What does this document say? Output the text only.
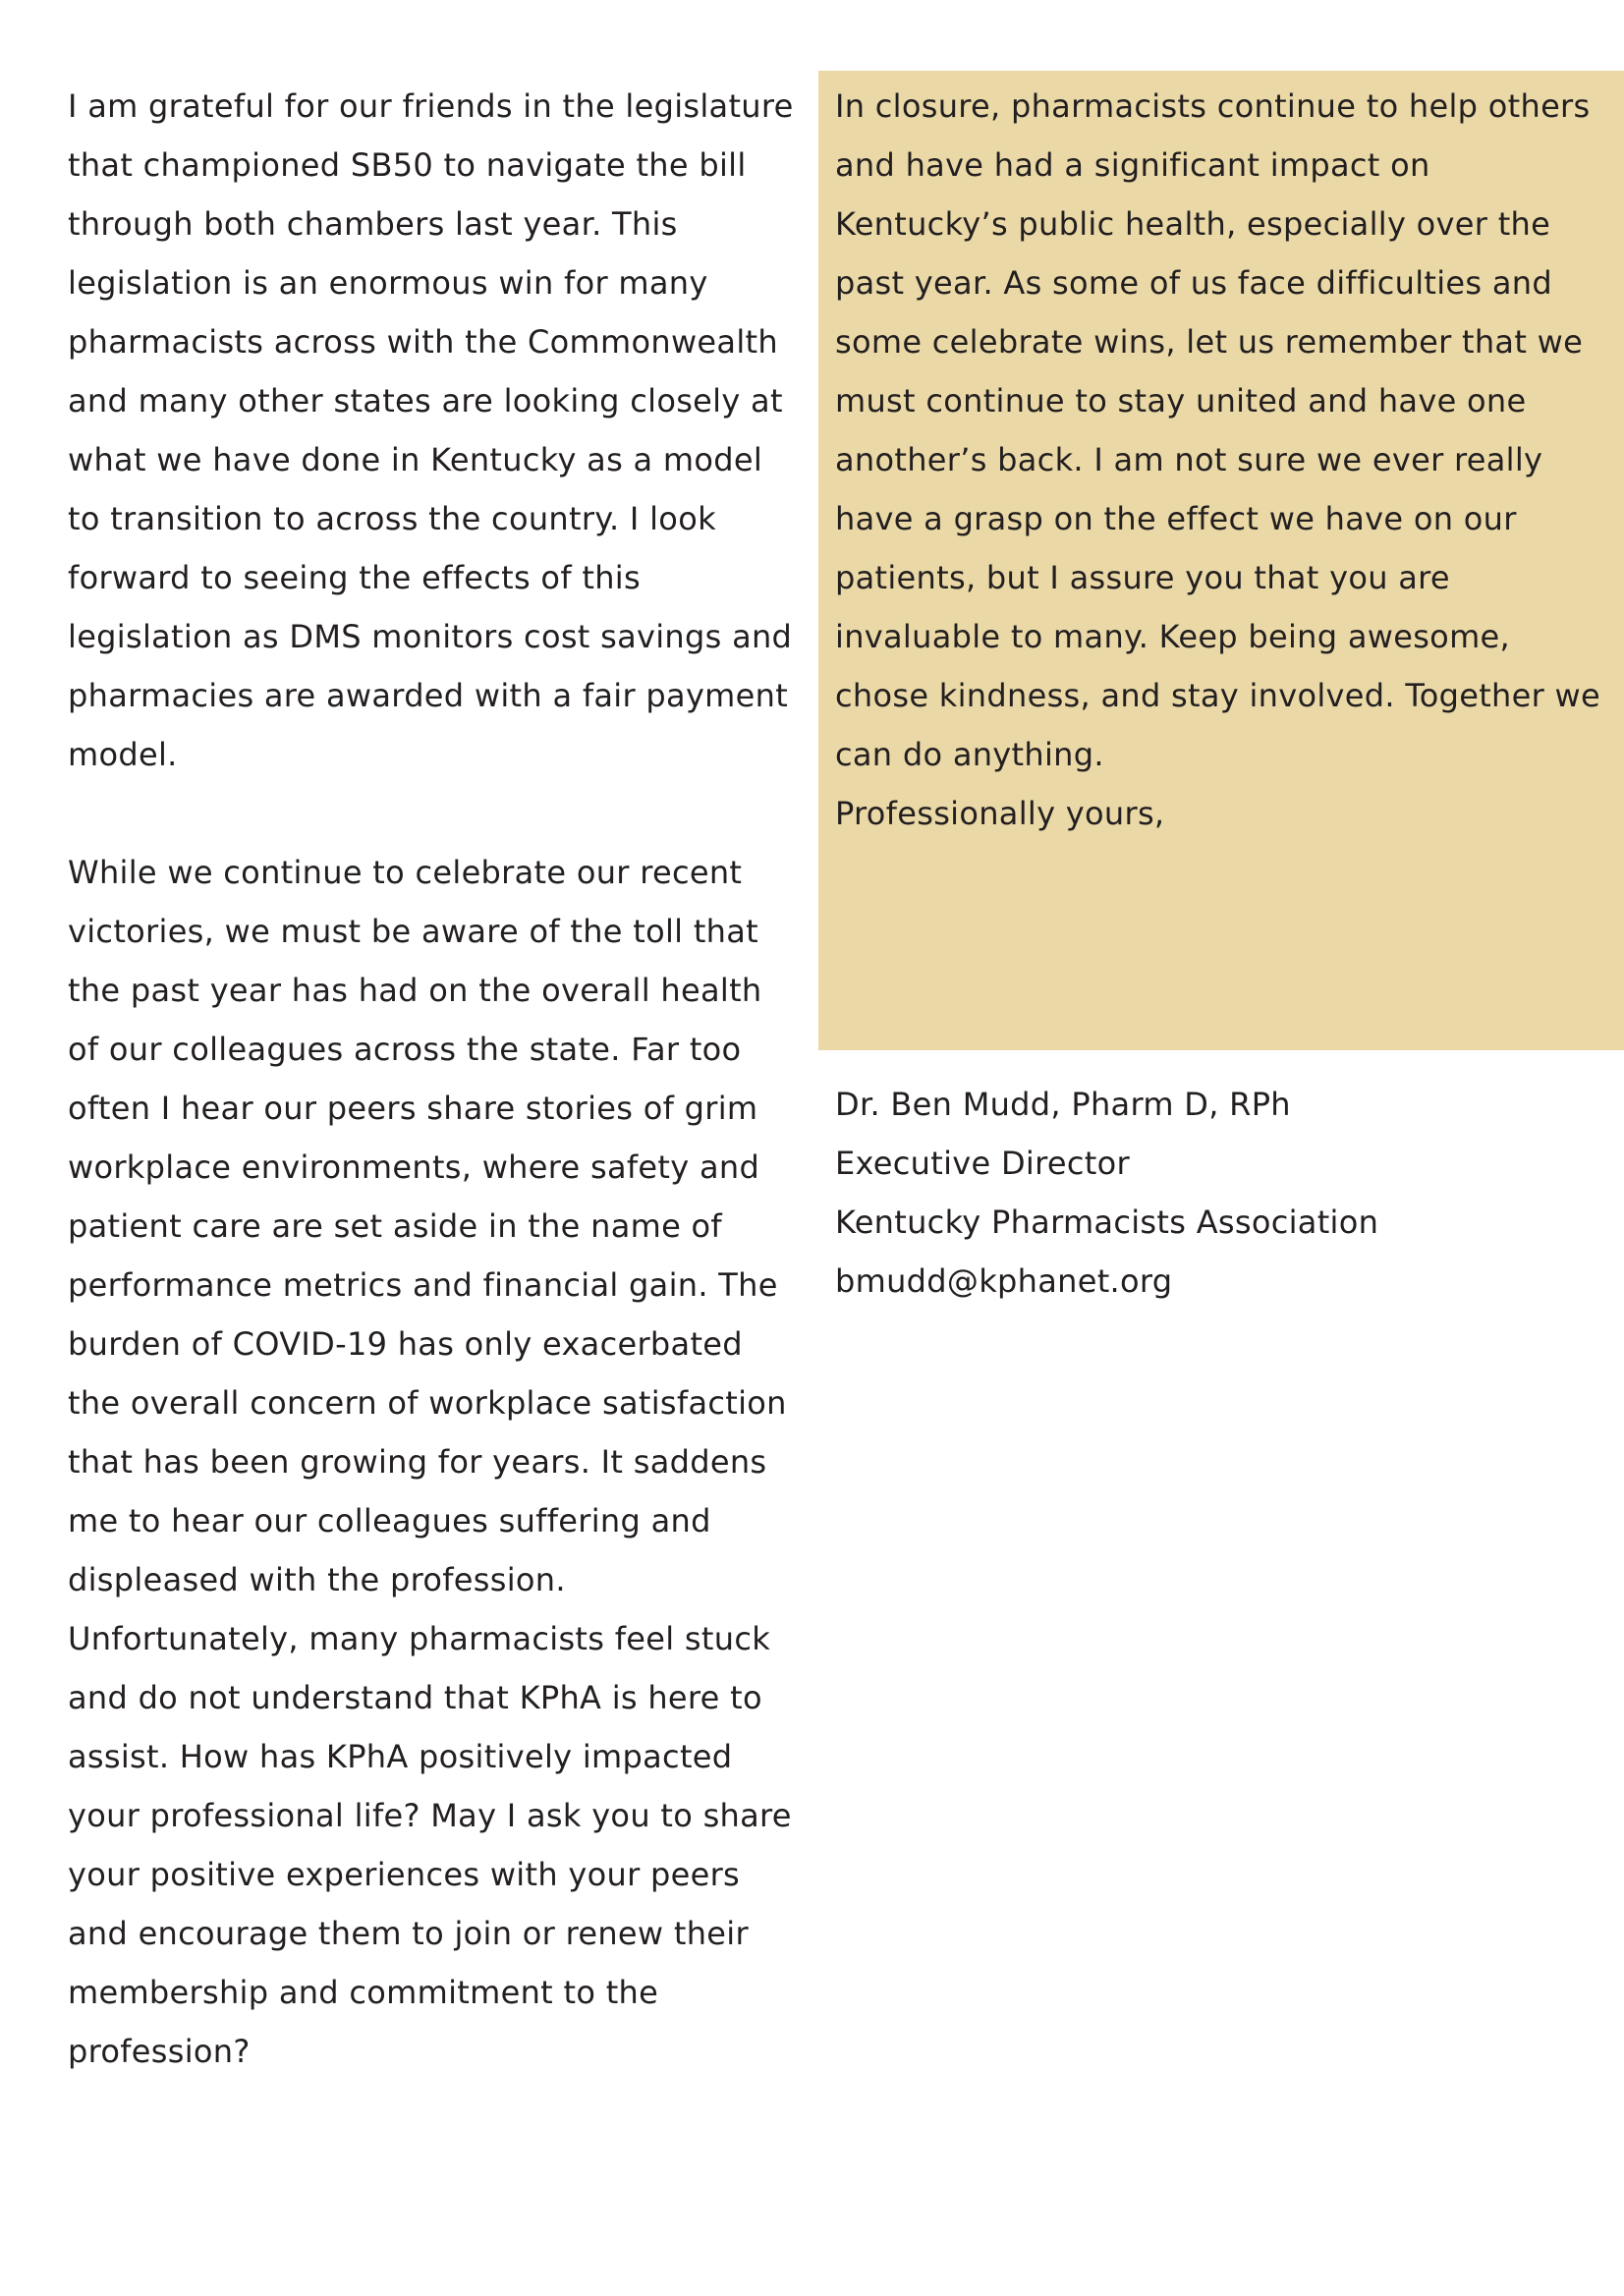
I am grateful for our friends in the legislature that championed SB50 to navigate the bill through both chambers last year. This legislation is an enormous win for many pharmacists across with the Commonwealth and many other states are looking closely at what we have done in Kentucky as a model to transition to across the country. I look forward to seeing the effects of this legislation as DMS monitors cost savings and pharmacies are awarded with a fair payment model.

While we continue to celebrate our recent victories, we must be aware of the toll that the past year has had on the overall health of our colleagues across the state. Far too often I hear our peers share stories of grim workplace environments, where safety and patient care are set aside in the name of performance metrics and financial gain. The burden of COVID-19 has only exacerbated the overall concern of workplace satisfaction that has been growing for years. It saddens me to hear our colleagues suffering and displeased with the profession. Unfortunately, many pharmacists feel stuck and do not understand that KPhA is here to assist. How has KPhA positively impacted your professional life? May I ask you to share your positive experiences with your peers and encourage them to join or renew their membership and commitment to the profession?

In closure, pharmacists continue to help others and have had a significant impact on Kentucky’s public health, especially over the past year. As some of us face difficulties and some celebrate wins, let us remember that we must continue to stay united and have one another’s back. I am not sure we ever really have a grasp on the effect we have on our patients, but I assure you that you are invaluable to many. Keep being awesome, chose kindness, and stay involved. Together we can do anything.

Professionally yours,

Dr. Ben Mudd, Pharm D, RPh
Executive Director
Kentucky Pharmacists Association
bmudd@kphanet.org
